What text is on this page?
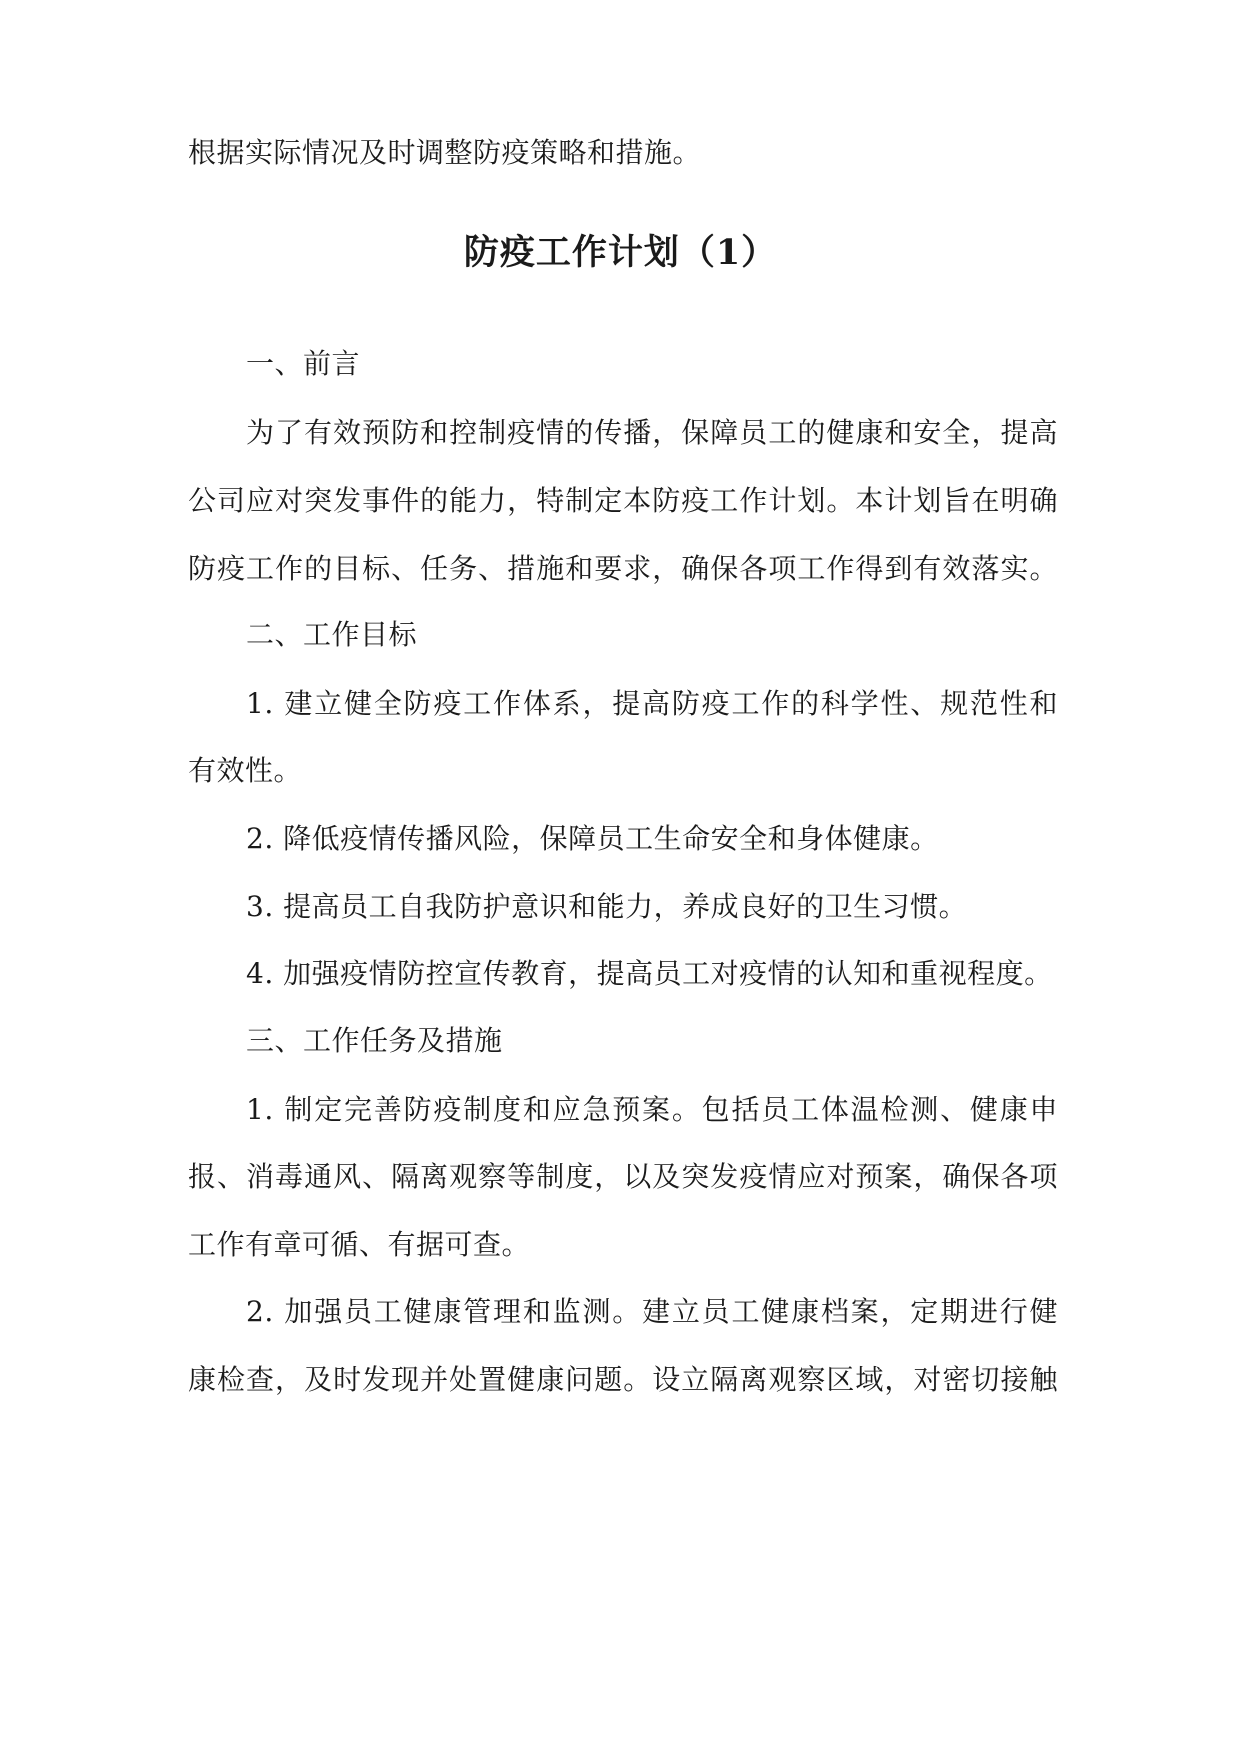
根据实际情况及时调整防疫策略和措施。
防疫工作计划（1）
一、前言
为了有效预防和控制疫情的传播，保障员工的健康和安全，提高
公司应对突发事件的能力，特制定本防疫工作计划。本计划旨在明确
防疫工作的目标、任务、措施和要求，确保各项工作得到有效落实。
二、工作目标
1. 建立健全防疫工作体系，提高防疫工作的科学性、规范性和
有效性。
2. 降低疫情传播风险，保障员工生命安全和身体健康。
3. 提高员工自我防护意识和能力，养成良好的卫生习惯。
4. 加强疫情防控宣传教育，提高员工对疫情的认知和重视程度。
三、工作任务及措施
1. 制定完善防疫制度和应急预案。包括员工体温检测、健康申
报、消毒通风、隔离观察等制度，以及突发疫情应对预案，确保各项
工作有章可循、有据可查。
2. 加强员工健康管理和监测。建立员工健康档案，定期进行健
康检查，及时发现并处置健康问题。设立隔离观察区域，对密切接触
